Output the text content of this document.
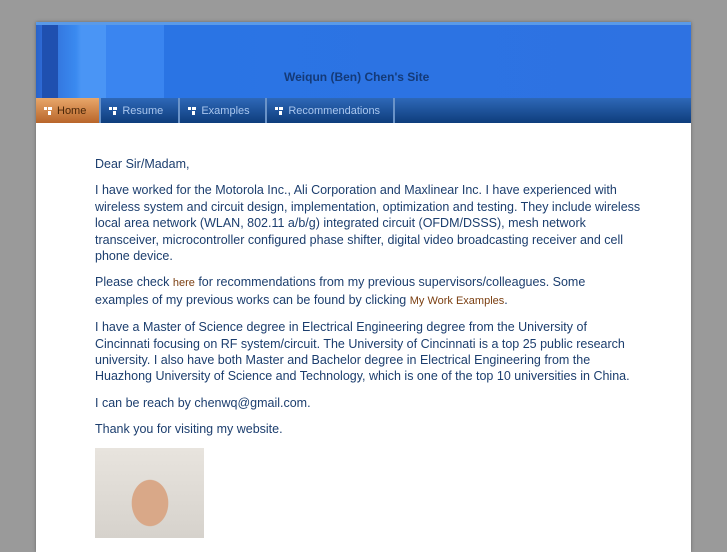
Weiqun (Ben) Chen's Site
Home	Resume	Examples	Recommendations

Dear Sir/Madam,

I have worked for the Motorola Inc., Ali Corporation and Maxlinear Inc. I have experienced with wireless system and circuit design, implementation, optimization and testing. They include wireless local area network (WLAN, 802.11 a/b/g) integrated circuit (OFDM/DSSS), mesh network transceiver, microcontroller configured phase shifter, digital video broadcasting receiver and cell phone device.

Please check here for recommendations from my previous supervisors/colleagues. Some examples of my previous works can be found by clicking My Work Examples.

I have a Master of Science degree in Electrical Engineering degree from the University of Cincinnati focusing on RF system/circuit. The University of Cincinnati is a top 25 public research university. I also have both Master and Bachelor degree in Electrical Engineering from the Huazhong University of Science and Technology, which is one of the top 10 universities in China.

I can be reach by chenwq@gmail.com.

Thank you for visiting my website.
